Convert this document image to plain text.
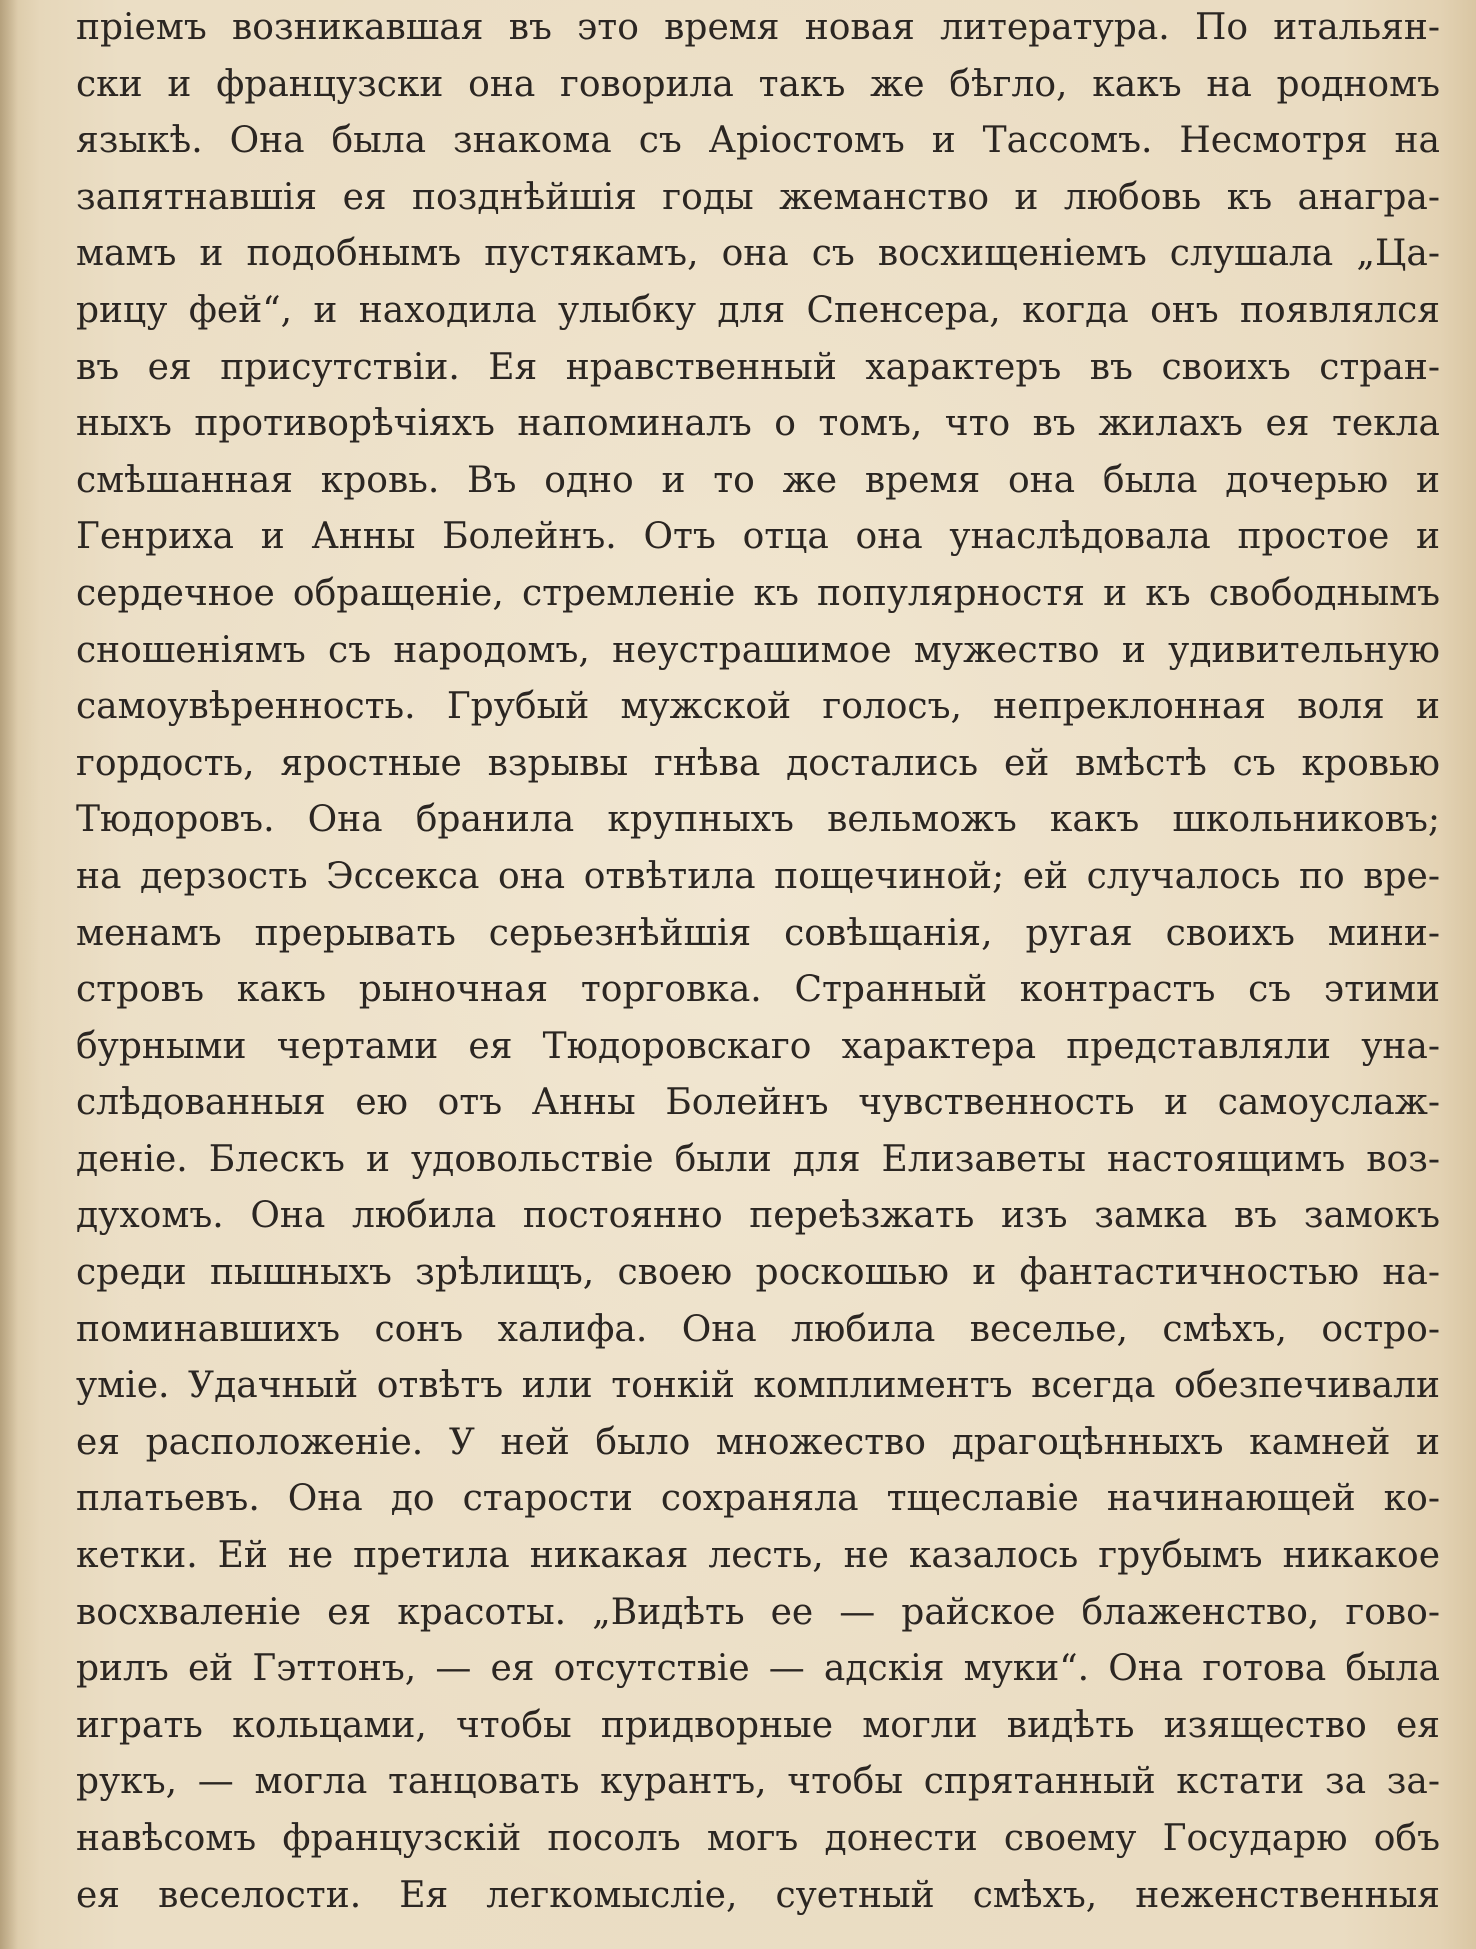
пріемъ возникавшая въ это время новая литература. По итальян-
ски и французски она говорила такъ же бѣгло, какъ на родномъ
языкѣ. Она была знакома съ Аріостомъ и Тассомъ. Несмотря на
запятнавшія ея позднѣйшія годы жеманство и любовь къ анагра-
мамъ и подобнымъ пустякамъ, она съ восхищеніемъ слушала „Ца-
рицу фей“, и находила улыбку для Спенсера, когда онъ появлялся
въ ея присутствіи. Ея нравственный характеръ въ своихъ стран-
ныхъ противорѣчіяхъ напоминалъ о томъ, что въ жилахъ ея текла
смѣшанная кровь. Въ одно и то же время она была дочерью и
Генриха и Анны Болейнъ. Отъ отца она унаслѣдовала простое и
сердечное обращеніе, стремленіе къ популярностя и къ свободнымъ
сношеніямъ съ народомъ, неустрашимое мужество и удивительную
самоувѣренность. Грубый мужской голосъ, непреклонная воля и
гордость, яростные взрывы гнѣва достались ей вмѣстѣ съ кровью
Тюдоровъ. Она бранила крупныхъ вельможъ какъ школьниковъ;
на дерзость Эссекса она отвѣтила пощечиной; ей случалось по вре-
менамъ прерывать серьезнѣйшія совѣщанія, ругая своихъ мини-
стровъ какъ рыночная торговка. Странный контрастъ съ этими
бурными чертами ея Тюдоровскаго характера представляли уна-
слѣдованныя ею отъ Анны Болейнъ чувственность и самоуслаж-
деніе. Блескъ и удовольствіе были для Елизаветы настоящимъ воз-
духомъ. Она любила постоянно переѣзжать изъ замка въ замокъ
среди пышныхъ зрѣлищъ, своею роскошью и фантастичностью на-
поминавшихъ сонъ халифа. Она любила веселье, смѣхъ, остро-
уміе. Удачный отвѣтъ или тонкій комплиментъ всегда обезпечивали
ея расположеніе. У ней было множество драгоцѣнныхъ камней и
платьевъ. Она до старости сохраняла тщеславіе начинающей ко-
кетки. Ей не претила никакая лесть, не казалось грубымъ никакое
восхваленіе ея красоты. „Видѣть ее — райское блаженство, гово-
рилъ ей Гэттонъ, — ея отсутствіе — адскія муки“. Она готова была
играть кольцами, чтобы придворные могли видѣть изящество ея
рукъ, — могла танцовать курантъ, чтобы спрятанный кстати за за-
навѣсомъ французскій посолъ могъ донести своему Государю объ
ея веселости. Ея легкомысліе, суетный смѣхъ, неженственныя
